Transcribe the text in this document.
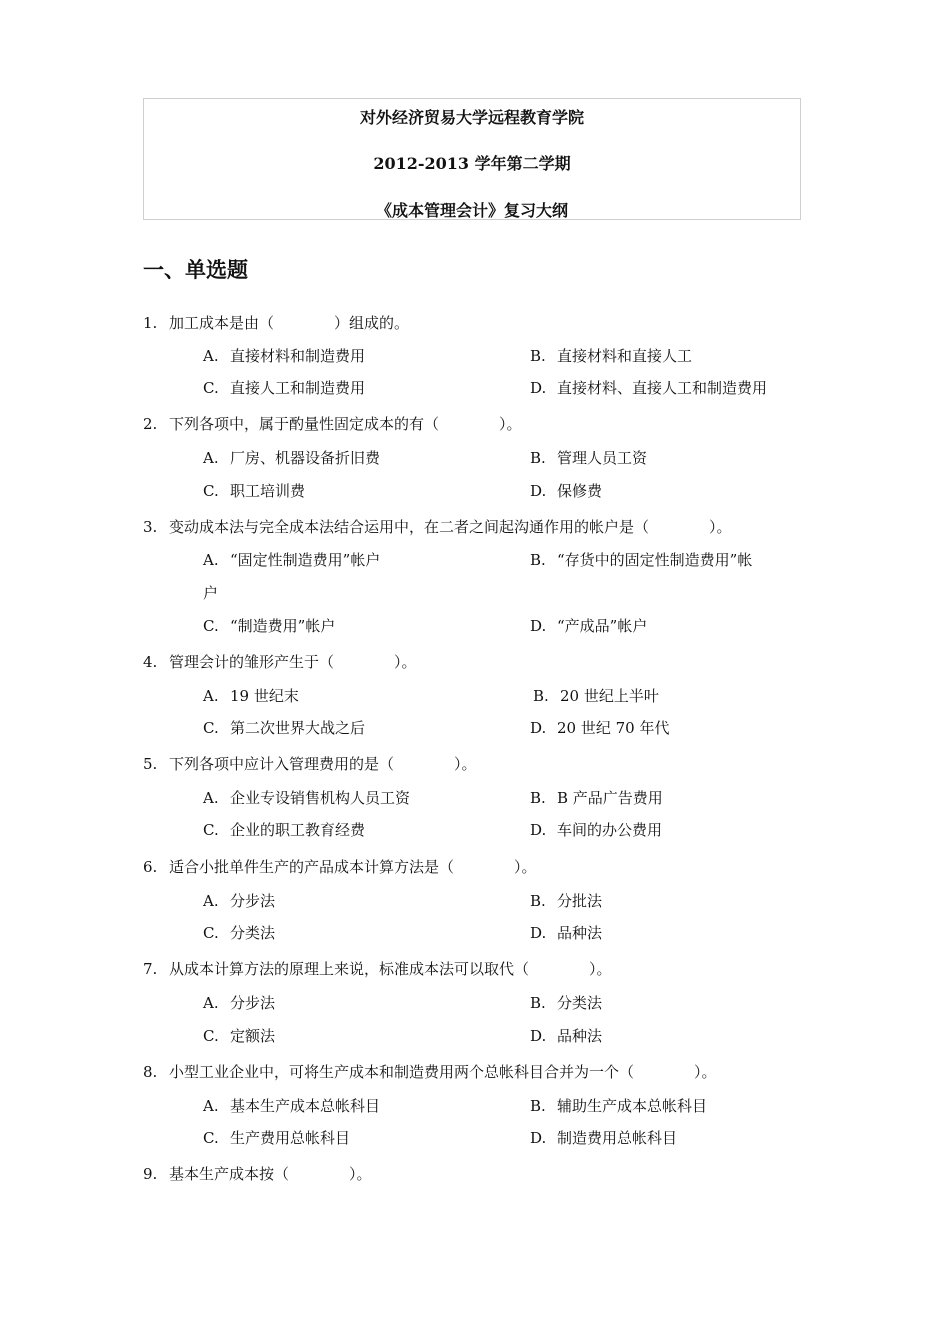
对外经济贸易大学远程教育学院
2012-2013 学年第二学期
《成本管理会计》复习大纲
一、单选题
1. 加工成本是由（　　　　）组成的。
A. 直接材料和制造费用	B. 直接材料和直接人工
C. 直接人工和制造费用	D. 直接材料、直接人工和制造费用
2. 下列各项中，属于酌量性固定成本的有（　　　　）。
A. 厂房、机器设备折旧费	B. 管理人员工资
C. 职工培训费	D. 保修费
3. 变动成本法与完全成本法结合运用中，在二者之间起沟通作用的帐户是（　　　　）。
A. “固定性制造费用”帐户	B. “存货中的固定性制造费用”帐
户
C. “制造费用”帐户	D. “产成品”帐户
4. 管理会计的雏形产生于（　　　　）。
A. 19 世纪末	B. 20 世纪上半叶
C. 第二次世界大战之后	D. 20 世纪 70 年代
5. 下列各项中应计入管理费用的是（　　　　）。
A. 企业专设销售机构人员工资	B. B 产品广告费用
C. 企业的职工教育经费	D. 车间的办公费用
6. 适合小批单件生产的产品成本计算方法是（　　　　）。
A. 分步法	B. 分批法
C. 分类法	D. 品种法
7. 从成本计算方法的原理上来说，标准成本法可以取代（　　　　）。
A. 分步法	B. 分类法
C. 定额法	D. 品种法
8. 小型工业企业中，可将生产成本和制造费用两个总帐科目合并为一个（　　　　）。
A. 基本生产成本总帐科目	B. 辅助生产成本总帐科目
C. 生产费用总帐科目	D. 制造费用总帐科目
9. 基本生产成本按（　　　　）。
